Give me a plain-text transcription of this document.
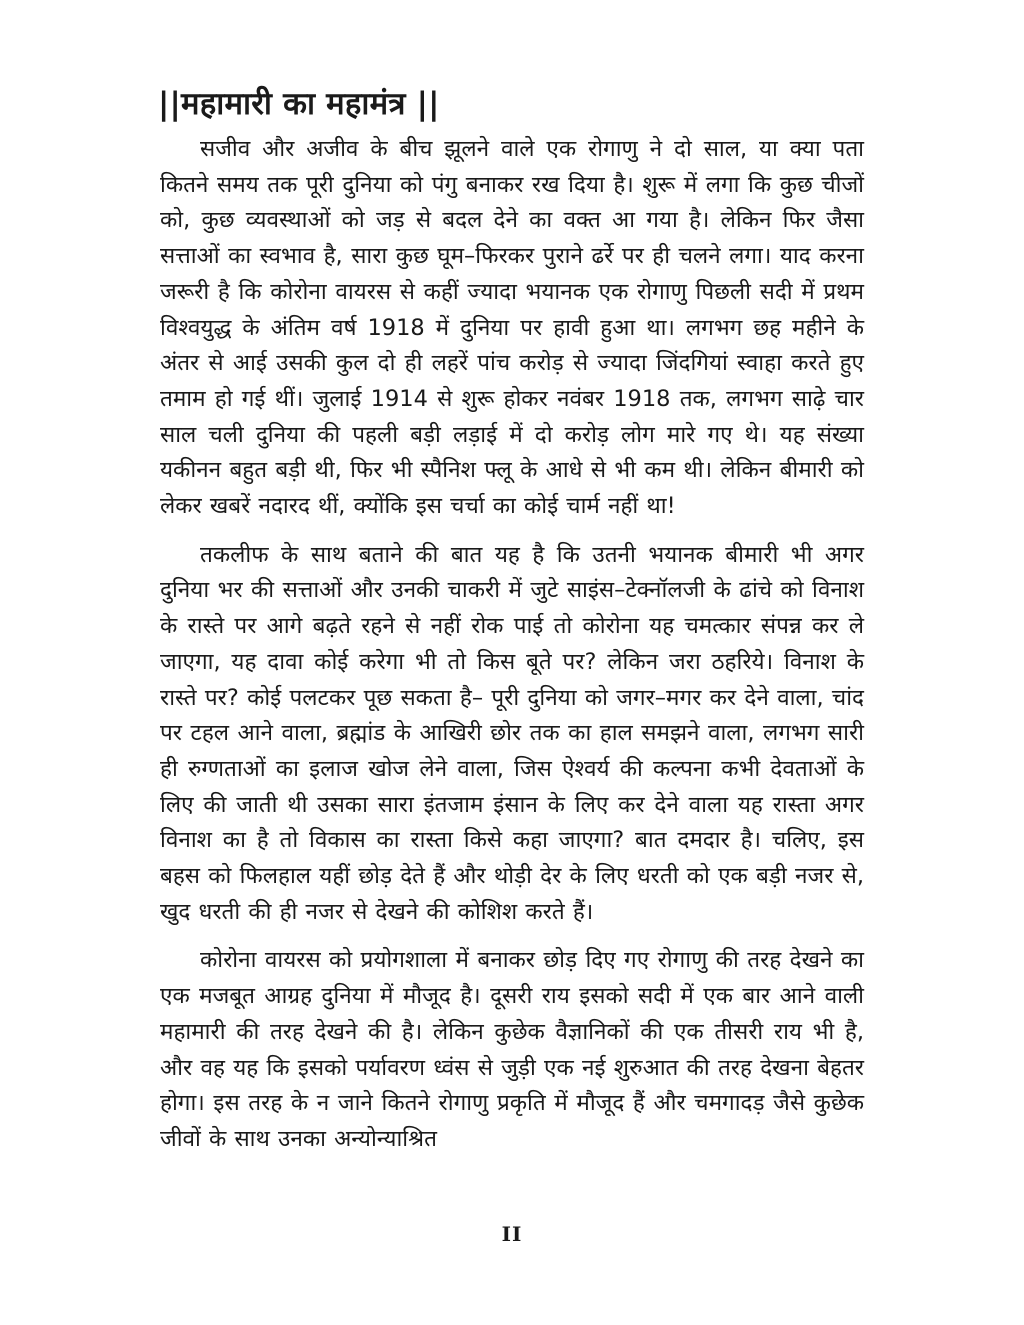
||महामारी का महामंत्र ||

सजीव और अजीव के बीच झूलने वाले एक रोगाणु ने दो साल, या क्या पता कितने समय तक पूरी दुनिया को पंगु बनाकर रख दिया है। शुरू में लगा कि कुछ चीजों को, कुछ व्यवस्थाओं को जड़ से बदल देने का वक्त आ गया है। लेकिन फिर जैसा सत्ताओं का स्वभाव है, सारा कुछ घूम–फिरकर पुराने ढर्रे पर ही चलने लगा। याद करना जरूरी है कि कोरोना वायरस से कहीं ज्यादा भयानक एक रोगाणु पिछली सदी में प्रथम विश्वयुद्ध के अंतिम वर्ष 1918 में दुनिया पर हावी हुआ था। लगभग छह महीने के अंतर से आई उसकी कुल दो ही लहरें पांच करोड़ से ज्यादा जिंदगियां स्वाहा करते हुए तमाम हो गई थीं। जुलाई 1914 से शुरू होकर नवंबर 1918 तक, लगभग साढ़े चार साल चली दुनिया की पहली बड़ी लड़ाई में दो करोड़ लोग मारे गए थे। यह संख्या यकीनन बहुत बड़ी थी, फिर भी स्पैनिश फ्लू के आधे से भी कम थी। लेकिन बीमारी को लेकर खबरें नदारद थीं, क्योंकि इस चर्चा का कोई चार्म नहीं था!

तकलीफ के साथ बताने की बात यह है कि उतनी भयानक बीमारी भी अगर दुनिया भर की सत्ताओं और उनकी चाकरी में जुटे साइंस–टेक्नॉलजी के ढांचे को विनाश के रास्ते पर आगे बढ़ते रहने से नहीं रोक पाई तो कोरोना यह चमत्कार संपन्न कर ले जाएगा, यह दावा कोई करेगा भी तो किस बूते पर? लेकिन जरा ठहरिये। विनाश के रास्ते पर? कोई पलटकर पूछ सकता है– पूरी दुनिया को जगर–मगर कर देने वाला, चांद पर टहल आने वाला, ब्रह्मांड के आखिरी छोर तक का हाल समझने वाला, लगभग सारी ही रुग्णताओं का इलाज खोज लेने वाला, जिस ऐश्वर्य की कल्पना कभी देवताओं के लिए की जाती थी उसका सारा इंतजाम इंसान के लिए कर देने वाला यह रास्ता अगर विनाश का है तो विकास का रास्ता किसे कहा जाएगा? बात दमदार है। चलिए, इस बहस को फिलहाल यहीं छोड़ देते हैं और थोड़ी देर के लिए धरती को एक बड़ी नजर से, खुद धरती की ही नजर से देखने की कोशिश करते हैं।

कोरोना वायरस को प्रयोगशाला में बनाकर छोड़ दिए गए रोगाणु की तरह देखने का एक मजबूत आग्रह दुनिया में मौजूद है। दूसरी राय इसको सदी में एक बार आने वाली महामारी की तरह देखने की है। लेकिन कुछेक वैज्ञानिकों की एक तीसरी राय भी है, और वह यह कि इसको पर्यावरण ध्वंस से जुड़ी एक नई शुरुआत की तरह देखना बेहतर होगा। इस तरह के न जाने कितने रोगाणु प्रकृति में मौजूद हैं और चमगादड़ जैसे कुछेक जीवों के साथ उनका अन्योन्याश्रित

II
